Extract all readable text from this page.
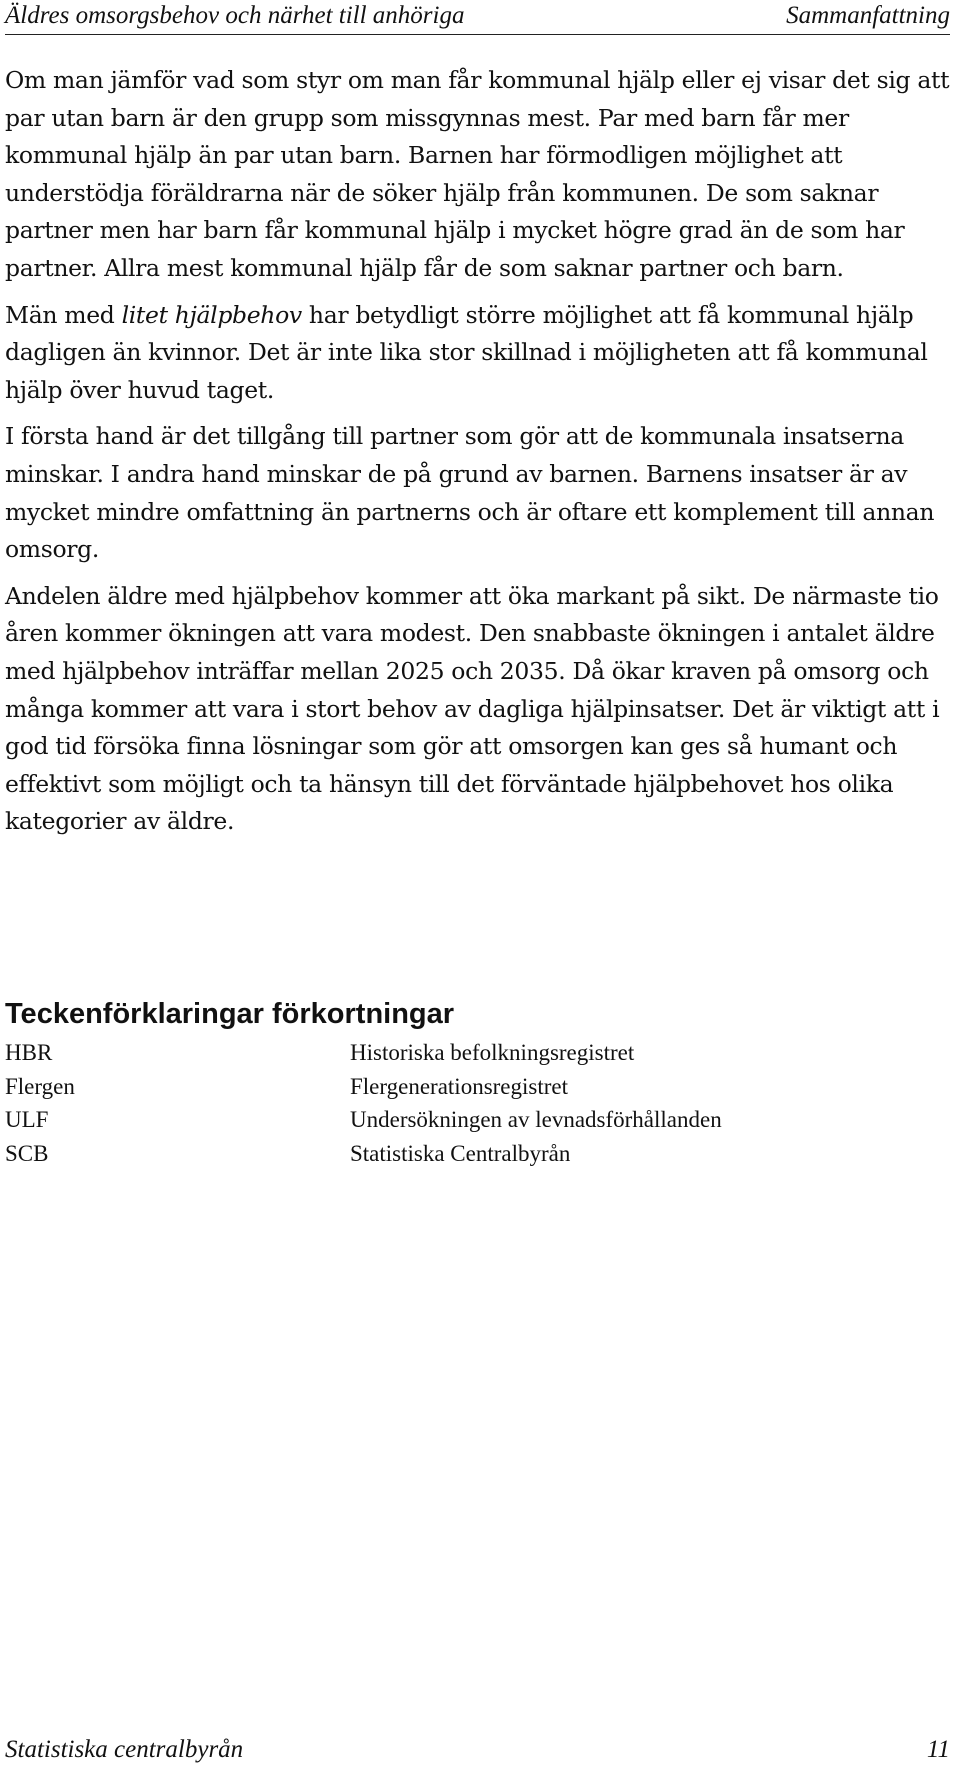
Äldres omsorgsbehov och närhet till anhöriga	Sammanfattning

Om man jämför vad som styr om man får kommunal hjälp eller ej visar det sig att par utan barn är den grupp som missgynnas mest. Par med barn får mer kommunal hjälp än par utan barn. Barnen har förmodligen möjlighet att understödja föräldrarna när de söker hjälp från kommunen. De som saknar partner men har barn får kommunal hjälp i mycket högre grad än de som har partner. Allra mest kommunal hjälp får de som saknar partner och barn.

Män med litet hjälpbehov har betydligt större möjlighet att få kommunal hjälp dagligen än kvinnor. Det är inte lika stor skillnad i möjligheten att få kommunal hjälp över huvud taget.

I första hand är det tillgång till partner som gör att de kommunala insatserna minskar. I andra hand minskar de på grund av barnen. Barnens insatser är av mycket mindre omfattning än partnerns och är oftare ett komplement till annan omsorg.

Andelen äldre med hjälpbehov kommer att öka markant på sikt. De närmaste tio åren kommer ökningen att vara modest. Den snabbaste ökningen i antalet äldre med hjälpbehov inträffar mellan 2025 och 2035. Då ökar kraven på omsorg och många kommer att vara i stort behov av dagliga hjälpinsatser. Det är viktigt att i god tid försöka finna lösningar som gör att omsorgen kan ges så humant och effektivt som möjligt och ta hänsyn till det förväntade hjälpbehovet hos olika kategorier av äldre.

Teckenförklaringar förkortningar
HBR	Historiska befolkningsregistret
Flergen	Flergenerationsregistret
ULF	Undersökningen av levnadsförhållanden
SCB	Statistiska Centralbyrån
Statistiska centralbyrån	11
